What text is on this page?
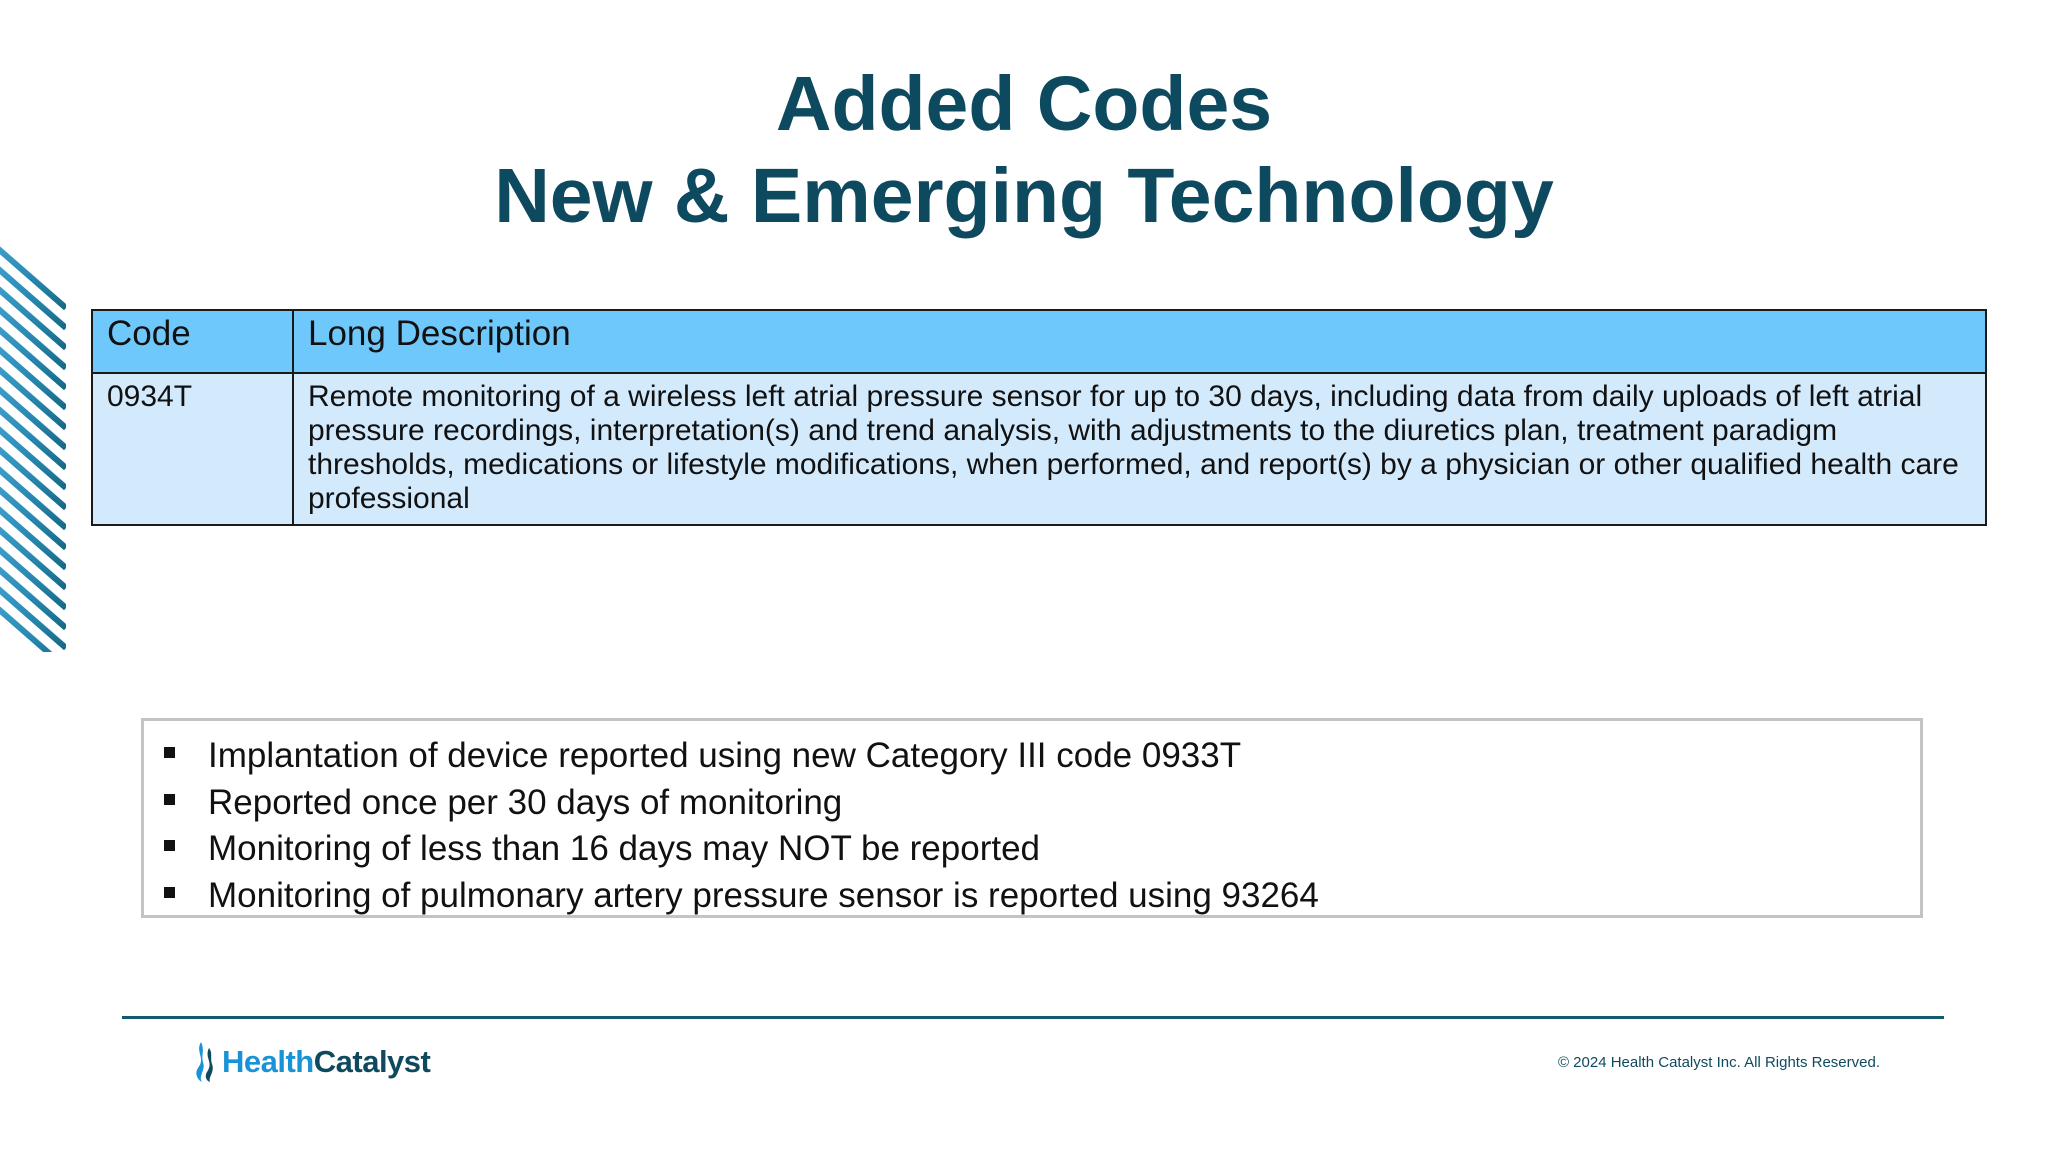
Added Codes
New & Emerging Technology
Code	Long Description
0934T	Remote monitoring of a wireless left atrial pressure sensor for up to 30 days, including data from daily uploads of left atrial pressure recordings, interpretation(s) and trend analysis, with adjustments to the diuretics plan, treatment paradigm thresholds, medications or lifestyle modifications, when performed, and report(s) by a physician or other qualified health care professional
Implantation of device reported using new Category III code 0933T
Reported once per 30 days of monitoring
Monitoring of less than 16 days may NOT be reported
Monitoring of pulmonary artery pressure sensor is reported using 93264
HealthCatalyst	© 2024 Health Catalyst Inc. All Rights Reserved.
